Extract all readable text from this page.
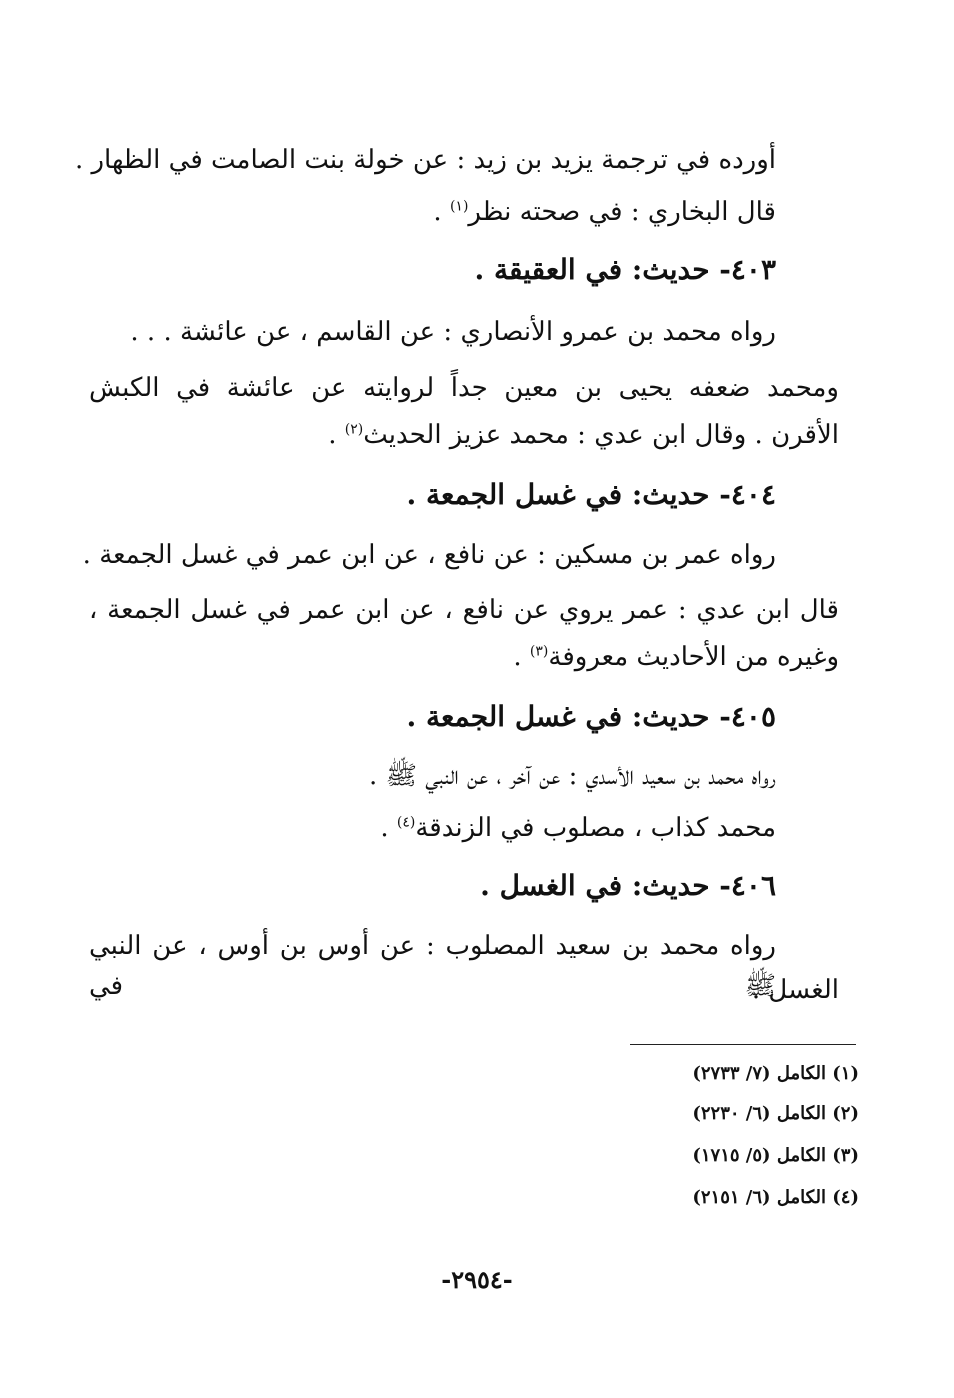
أورده في ترجمة يزيد بن زيد : عن خولة بنت الصامت في الظهار .
قال البخاري : في صحته نظر$^{(١)}$ .
٤٠٣- حديث: في العقيقة .
رواه محمد بن عمرو الأنصاري : عن القاسم ، عن عائشة . . .
ومحمد ضعفه يحيى بن معين جداً لروايته عن عائشة في الكبش
الأقرن . وقال ابن عدي : محمد عزيز الحديث$^{(٢)}$ .
٤٠٤- حديث: في غسل الجمعة .
رواه عمر بن مسكين : عن نافع ، عن ابن عمر في غسل الجمعة .
قال ابن عدي : عمر يروي عن نافع ، عن ابن عمر في غسل الجمعة ،
وغيره من الأحاديث معروفة$^{(٣)}$ .
٤٠٥- حديث: في غسل الجمعة .
رواه محمد بن سعيد الأسدي : عن آخر ، عن النبي ﷺ .
محمد كذاب ، مصلوب في الزندقة$^{(٤)}$ .
٤٠٦- حديث: في الغسل .
رواه محمد بن سعيد المصلوب : عن أوس بن أوس ، عن النبي ﷺ في
الغسل .
(١) الكامل (٧/ ٢٧٣٣)
(٢) الكامل (٦/ ٢٢٣٠)
(٣) الكامل (٥/ ١٧١٥)
(٤) الكامل (٦/ ٢١٥١)
-٢٩٥٤-
